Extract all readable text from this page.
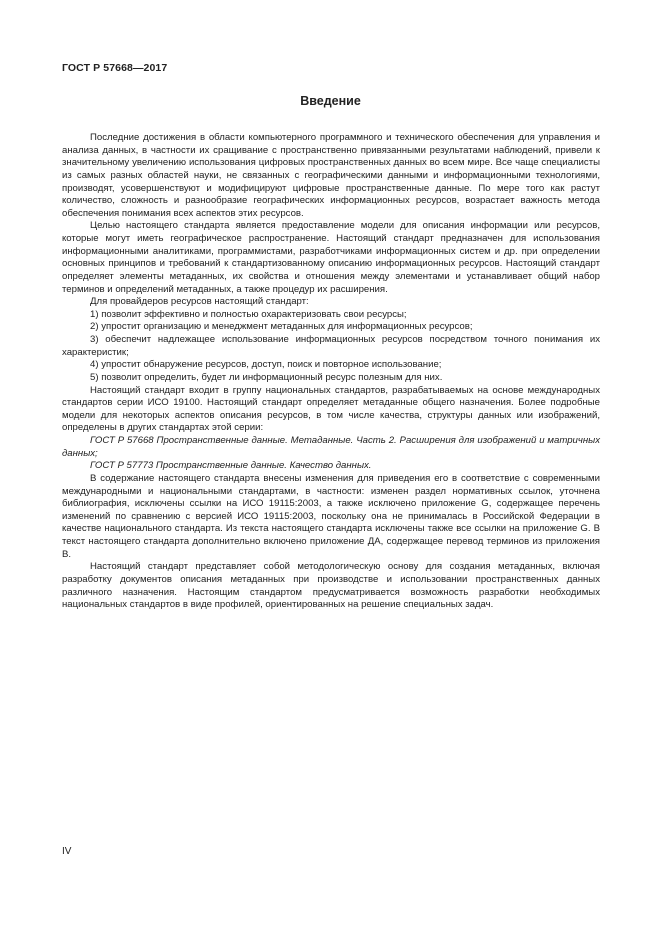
ГОСТ Р 57668—2017
Введение

Последние достижения в области компьютерного программного и технического обеспечения для управления и анализа данных, в частности их сращивание с пространственно привязанными результатами наблюдений, привели к значительному увеличению использования цифровых пространственных данных во всем мире. Все чаще специалисты из самых разных областей науки, не связанных с географическими данными и информационными технологиями, производят, усовершенствуют и модифицируют цифровые пространственные данные. По мере того как растут количество, сложность и разнообразие географических информационных ресурсов, возрастает важность метода обеспечения понимания всех аспектов этих ресурсов.

Целью настоящего стандарта является предоставление модели для описания информации или ресурсов, которые могут иметь географическое распространение. Настоящий стандарт предназначен для использования информационными аналитиками, программистами, разработчиками информационных систем и др. при определении основных принципов и требований к стандартизованному описанию информационных ресурсов. Настоящий стандарт определяет элементы метаданных, их свойства и отношения между элементами и устанавливает общий набор терминов и определений метаданных, а также процедур их расширения.

Для провайдеров ресурсов настоящий стандарт:

1) позволит эффективно и полностью охарактеризовать свои ресурсы;

2) упростит организацию и менеджмент метаданных для информационных ресурсов;

3) обеспечит надлежащее использование информационных ресурсов посредством точного понимания их характеристик;

4) упростит обнаружение ресурсов, доступ, поиск и повторное использование;

5) позволит определить, будет ли информационный ресурс полезным для них.

Настоящий стандарт входит в группу национальных стандартов, разрабатываемых на основе международных стандартов серии ИСО 19100. Настоящий стандарт определяет метаданные общего назначения. Более подробные модели для некоторых аспектов описания ресурсов, в том числе качества, структуры данных или изображений, определены в других стандартах этой серии:

ГОСТ Р 57668 Пространственные данные. Метаданные. Часть 2. Расширения для изображений и матричных данных;

ГОСТ Р 57773 Пространственные данные. Качество данных.

В содержание настоящего стандарта внесены изменения для приведения его в соответствие с современными международными и национальными стандартами, в частности: изменен раздел нормативных ссылок, уточнена библиография, исключены ссылки на ИСО 19115:2003, а также исключено приложение G, содержащее перечень изменений по сравнению с версией ИСО 19115:2003, поскольку она не принималась в Российской Федерации в качестве национального стандарта. Из текста настоящего стандарта исключены также все ссылки на приложение G. В текст настоящего стандарта дополнительно включено приложение ДА, содержащее перевод терминов из приложения В.

Настоящий стандарт представляет собой методологическую основу для создания метаданных, включая разработку документов описания метаданных при производстве и использовании пространственных данных различного назначения. Настоящим стандартом предусматривается возможность разработки необходимых национальных стандартов в виде профилей, ориентированных на решение специальных задач.

IV
